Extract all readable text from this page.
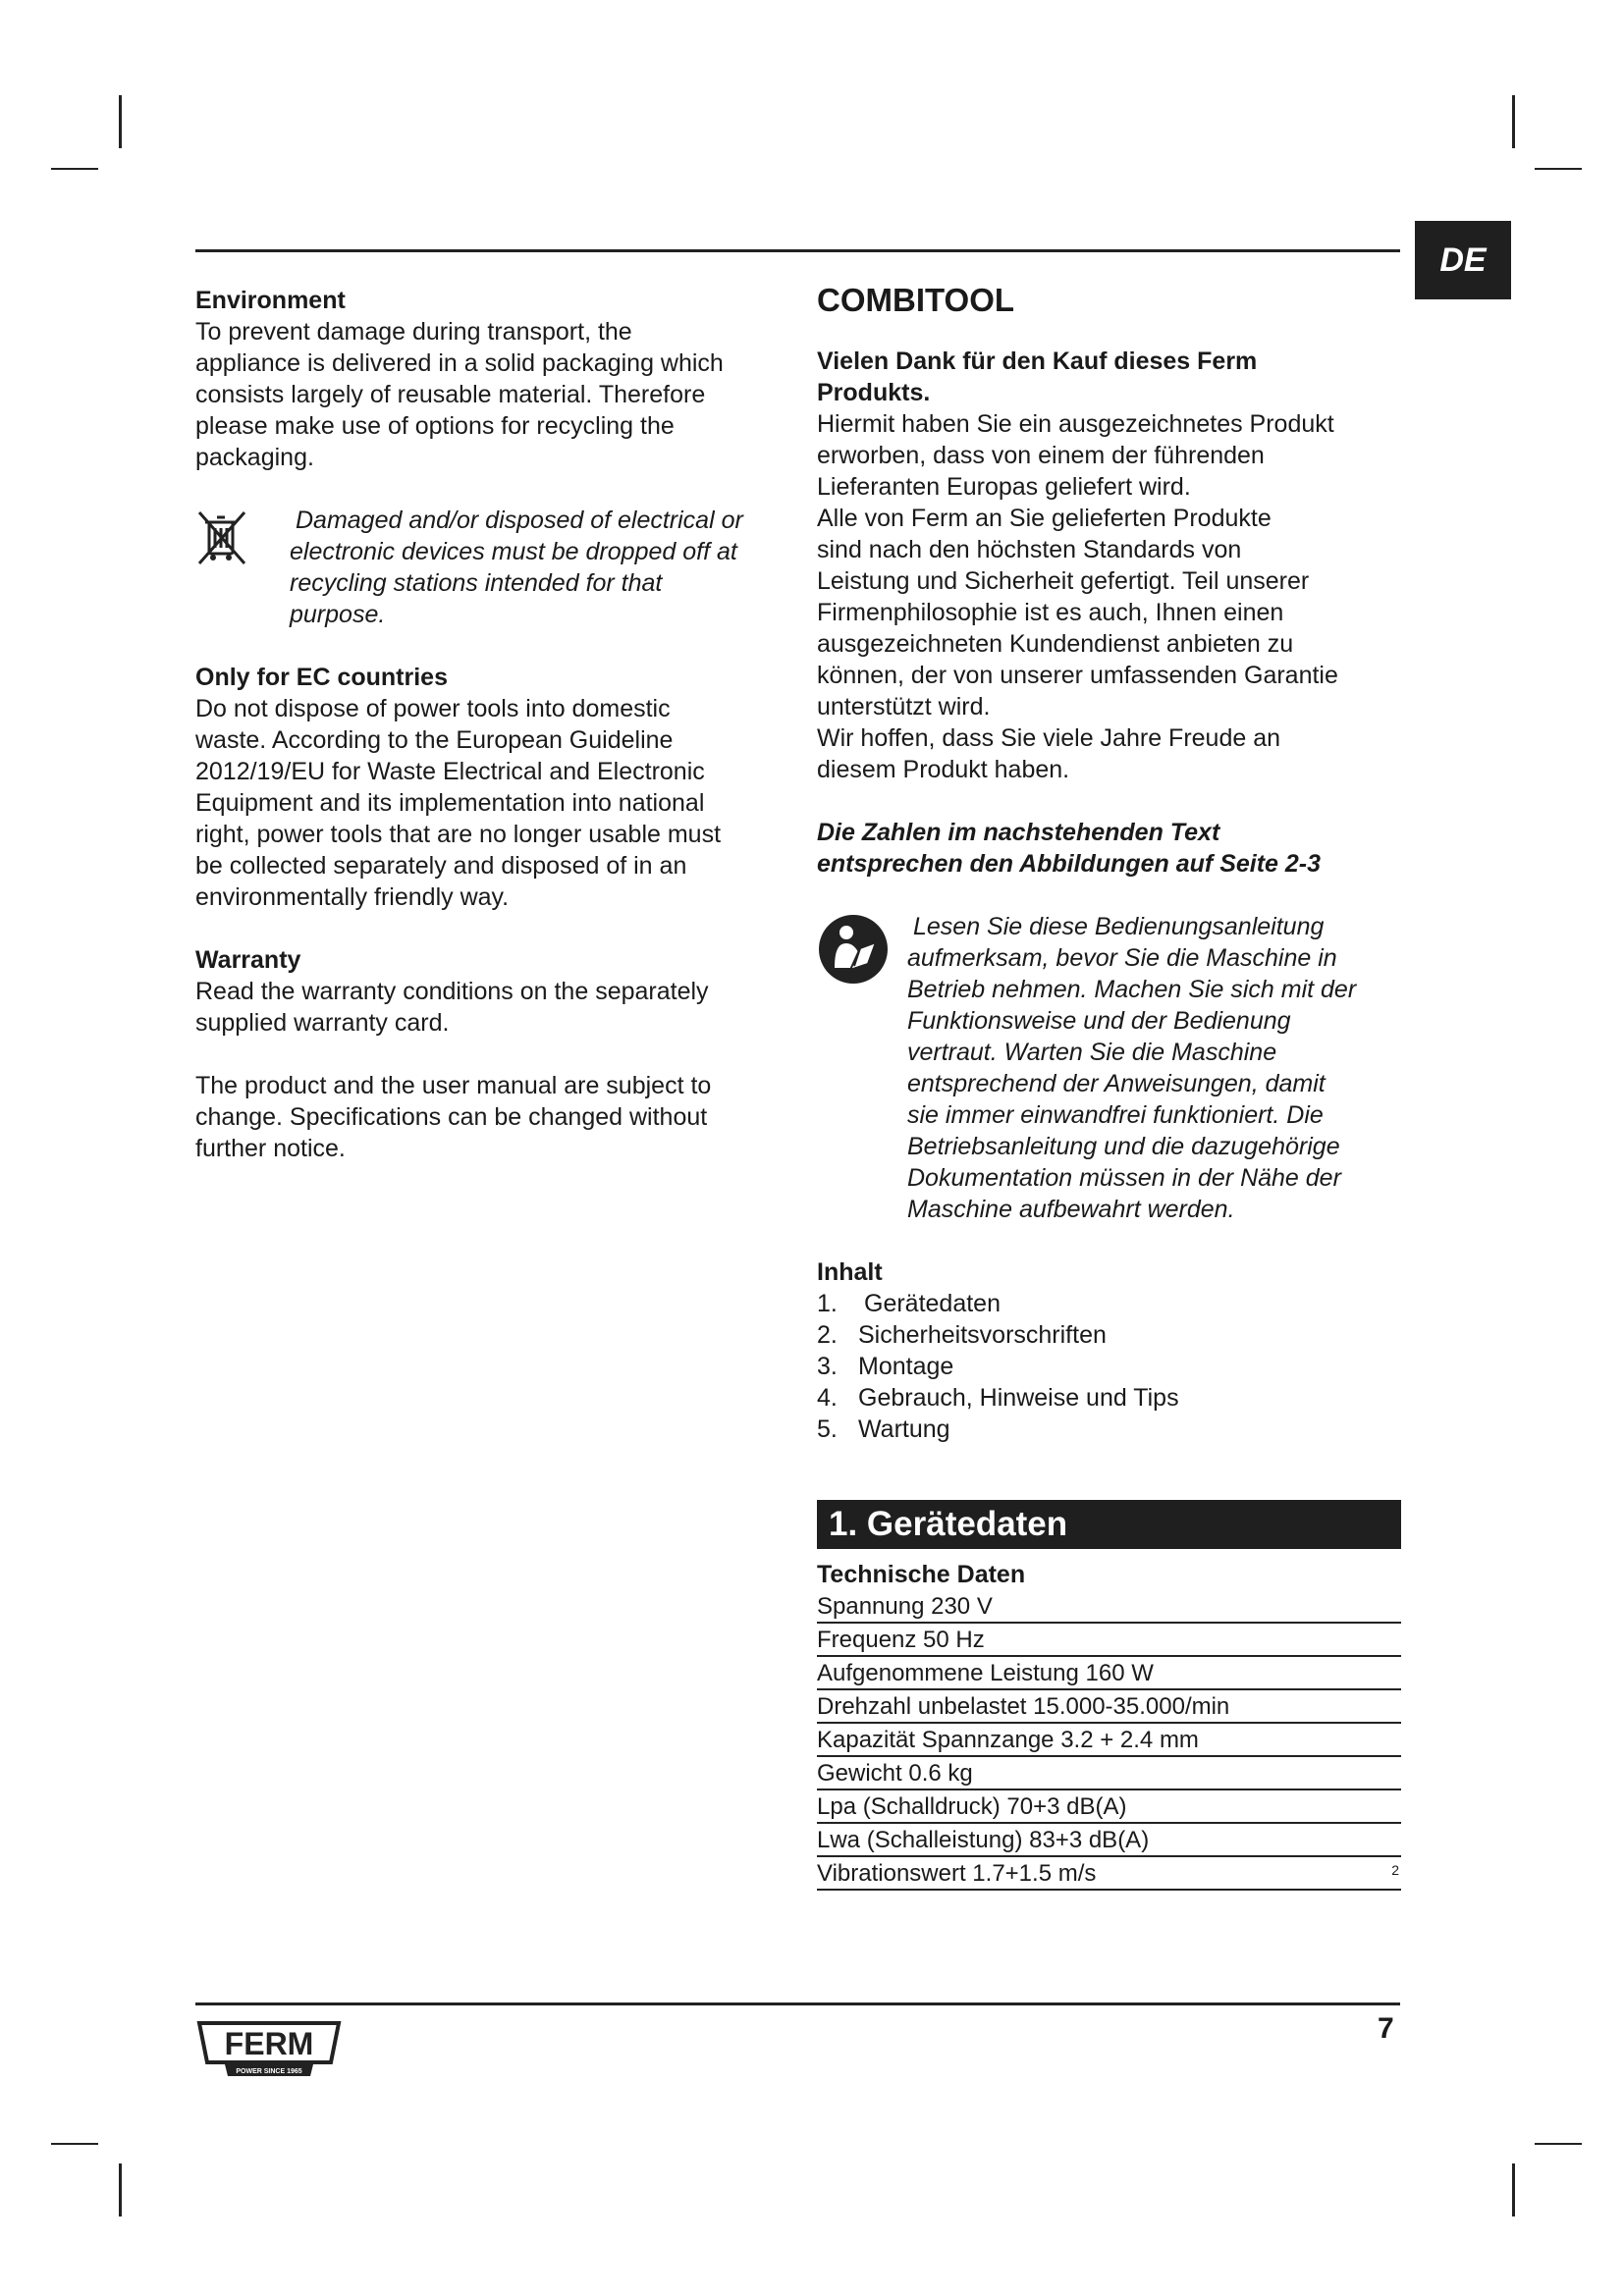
DE

Environment

To prevent damage during transport, the

appliance is delivered in a solid packaging which

consists largely of reusable material. Therefore

please make use of options for recycling the

packaging.

Damaged and/or disposed of electrical or

electronic devices must be dropped off at

recycling stations intended for that

purpose.

Only for EC countries

Do not dispose of power tools into domestic

waste. According to the European Guideline

2012/19/EU for Waste Electrical and Electronic

Equipment and its implementation into national

right, power tools that are no longer usable must

be collected separately and disposed of in an

environmentally friendly way.

Warranty

Read the warranty conditions on the separately

supplied warranty card.

The product and the user manual are subject to

change. Specifications can be changed without

further notice.

COMBITOOL

Vielen Dank für den Kauf dieses Ferm

Produkts.

Hiermit haben Sie ein ausgezeichnetes Produkt

erworben, dass von einem der führenden

Lieferanten Europas geliefert wird.

Alle von Ferm an Sie gelieferten Produkte

sind nach den höchsten Standards von

Leistung und Sicherheit gefertigt. Teil unserer

Firmenphilosophie ist es auch, Ihnen einen

ausgezeichneten Kundendienst anbieten zu

können, der von unserer umfassenden Garantie

unterstützt wird.

Wir hoffen, dass Sie viele Jahre Freude an

diesem Produkt haben.

Die Zahlen im nachstehenden Text

entsprechen den Abbildungen auf Seite 2-3

Lesen Sie diese Bedienungsanleitung

aufmerksam, bevor Sie die Maschine in

Betrieb nehmen. Machen Sie sich mit der

Funktionsweise und der Bedienung

vertraut. Warten Sie die Maschine

entsprechend der Anweisungen, damit

sie immer einwandfrei funktioniert. Die

Betriebsanleitung und die dazugehörige

Dokumentation müssen in der Nähe der

Maschine aufbewahrt werden.

Inhalt

1.	Gerätedaten
2. Sicherheitsvorschriften
3. Montage
4. Gebrauch, Hinweise und Tips
5. Wartung
1. Gerätedaten

Technische Daten

Spannung 230 V
Frequenz 50 Hz
Aufgenommene Leistung 160 W
Drehzahl unbelastet 15.000-35.000/min
Kapazität Spannzange 3.2 + 2.4 mm
Gewicht 0.6 kg
Lpa (Schalldruck) 70+3 dB(A)
Lwa (Schalleistung) 83+3 dB(A)
Vibrationswert 1.7+1.5 m/s	2
FERM
POWER SINCE 1965
7
